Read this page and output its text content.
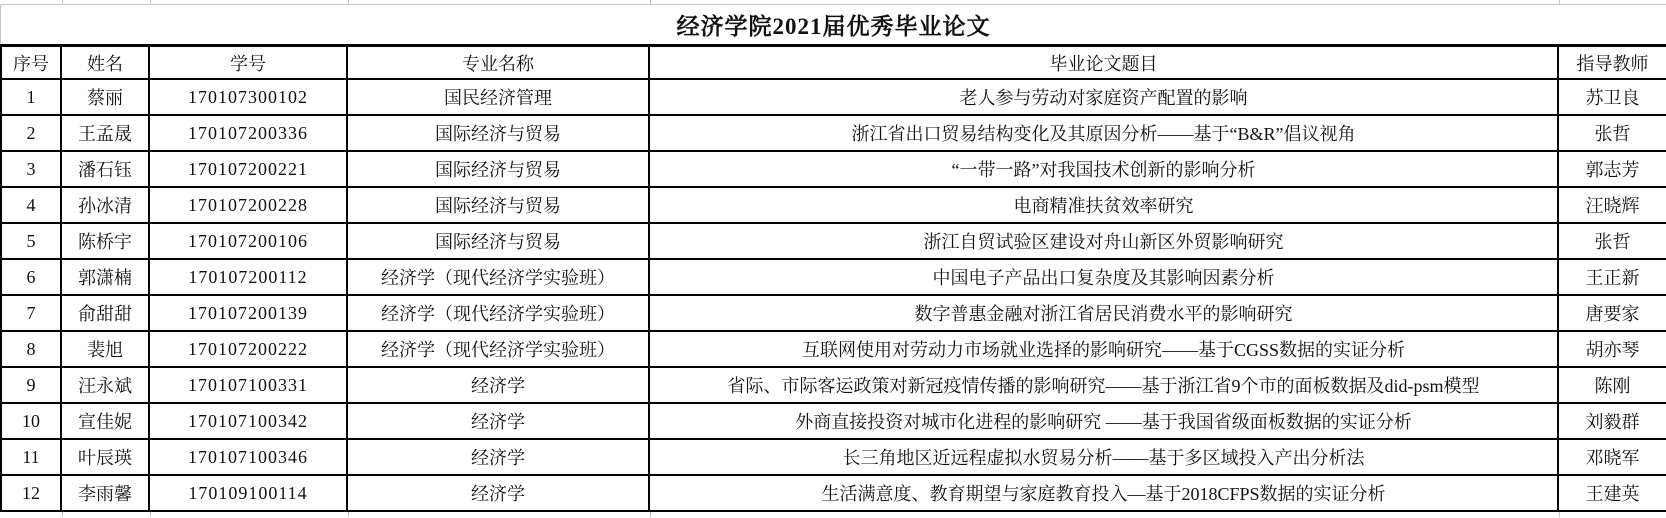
经济学院2021届优秀毕业论文
序号	姓名	学号	专业名称	毕业论文题目	指导教师
1	蔡丽	170107300102	国民经济管理	老人参与劳动对家庭资产配置的影响	苏卫良
2	王孟晟	170107200336	国际经济与贸易	浙江省出口贸易结构变化及其原因分析——基于“B&R”倡议视角	张哲
3	潘石钰	170107200221	国际经济与贸易	“一带一路”对我国技术创新的影响分析	郭志芳
4	孙冰清	170107200228	国际经济与贸易	电商精准扶贫效率研究	汪晓辉
5	陈桥宇	170107200106	国际经济与贸易	浙江自贸试验区建设对舟山新区外贸影响研究	张哲
6	郭潇楠	170107200112	经济学（现代经济学实验班）	中国电子产品出口复杂度及其影响因素分析	王正新
7	俞甜甜	170107200139	经济学（现代经济学实验班）	数字普惠金融对浙江省居民消费水平的影响研究	唐要家
8	裴旭	170107200222	经济学（现代经济学实验班）	互联网使用对劳动力市场就业选择的影响研究——基于CGSS数据的实证分析	胡亦琴
9	汪永斌	170107100331	经济学	省际、市际客运政策对新冠疫情传播的影响研究——基于浙江省9个市的面板数据及did-psm模型	陈刚
10	宣佳妮	170107100342	经济学	外商直接投资对城市化进程的影响研究 ——基于我国省级面板数据的实证分析	刘毅群
11	叶辰瑛	170107100346	经济学	长三角地区近远程虚拟水贸易分析——基于多区域投入产出分析法	邓晓军
12	李雨馨	170109100114	经济学	生活满意度、教育期望与家庭教育投入—基于2018CFPS数据的实证分析	王建英
